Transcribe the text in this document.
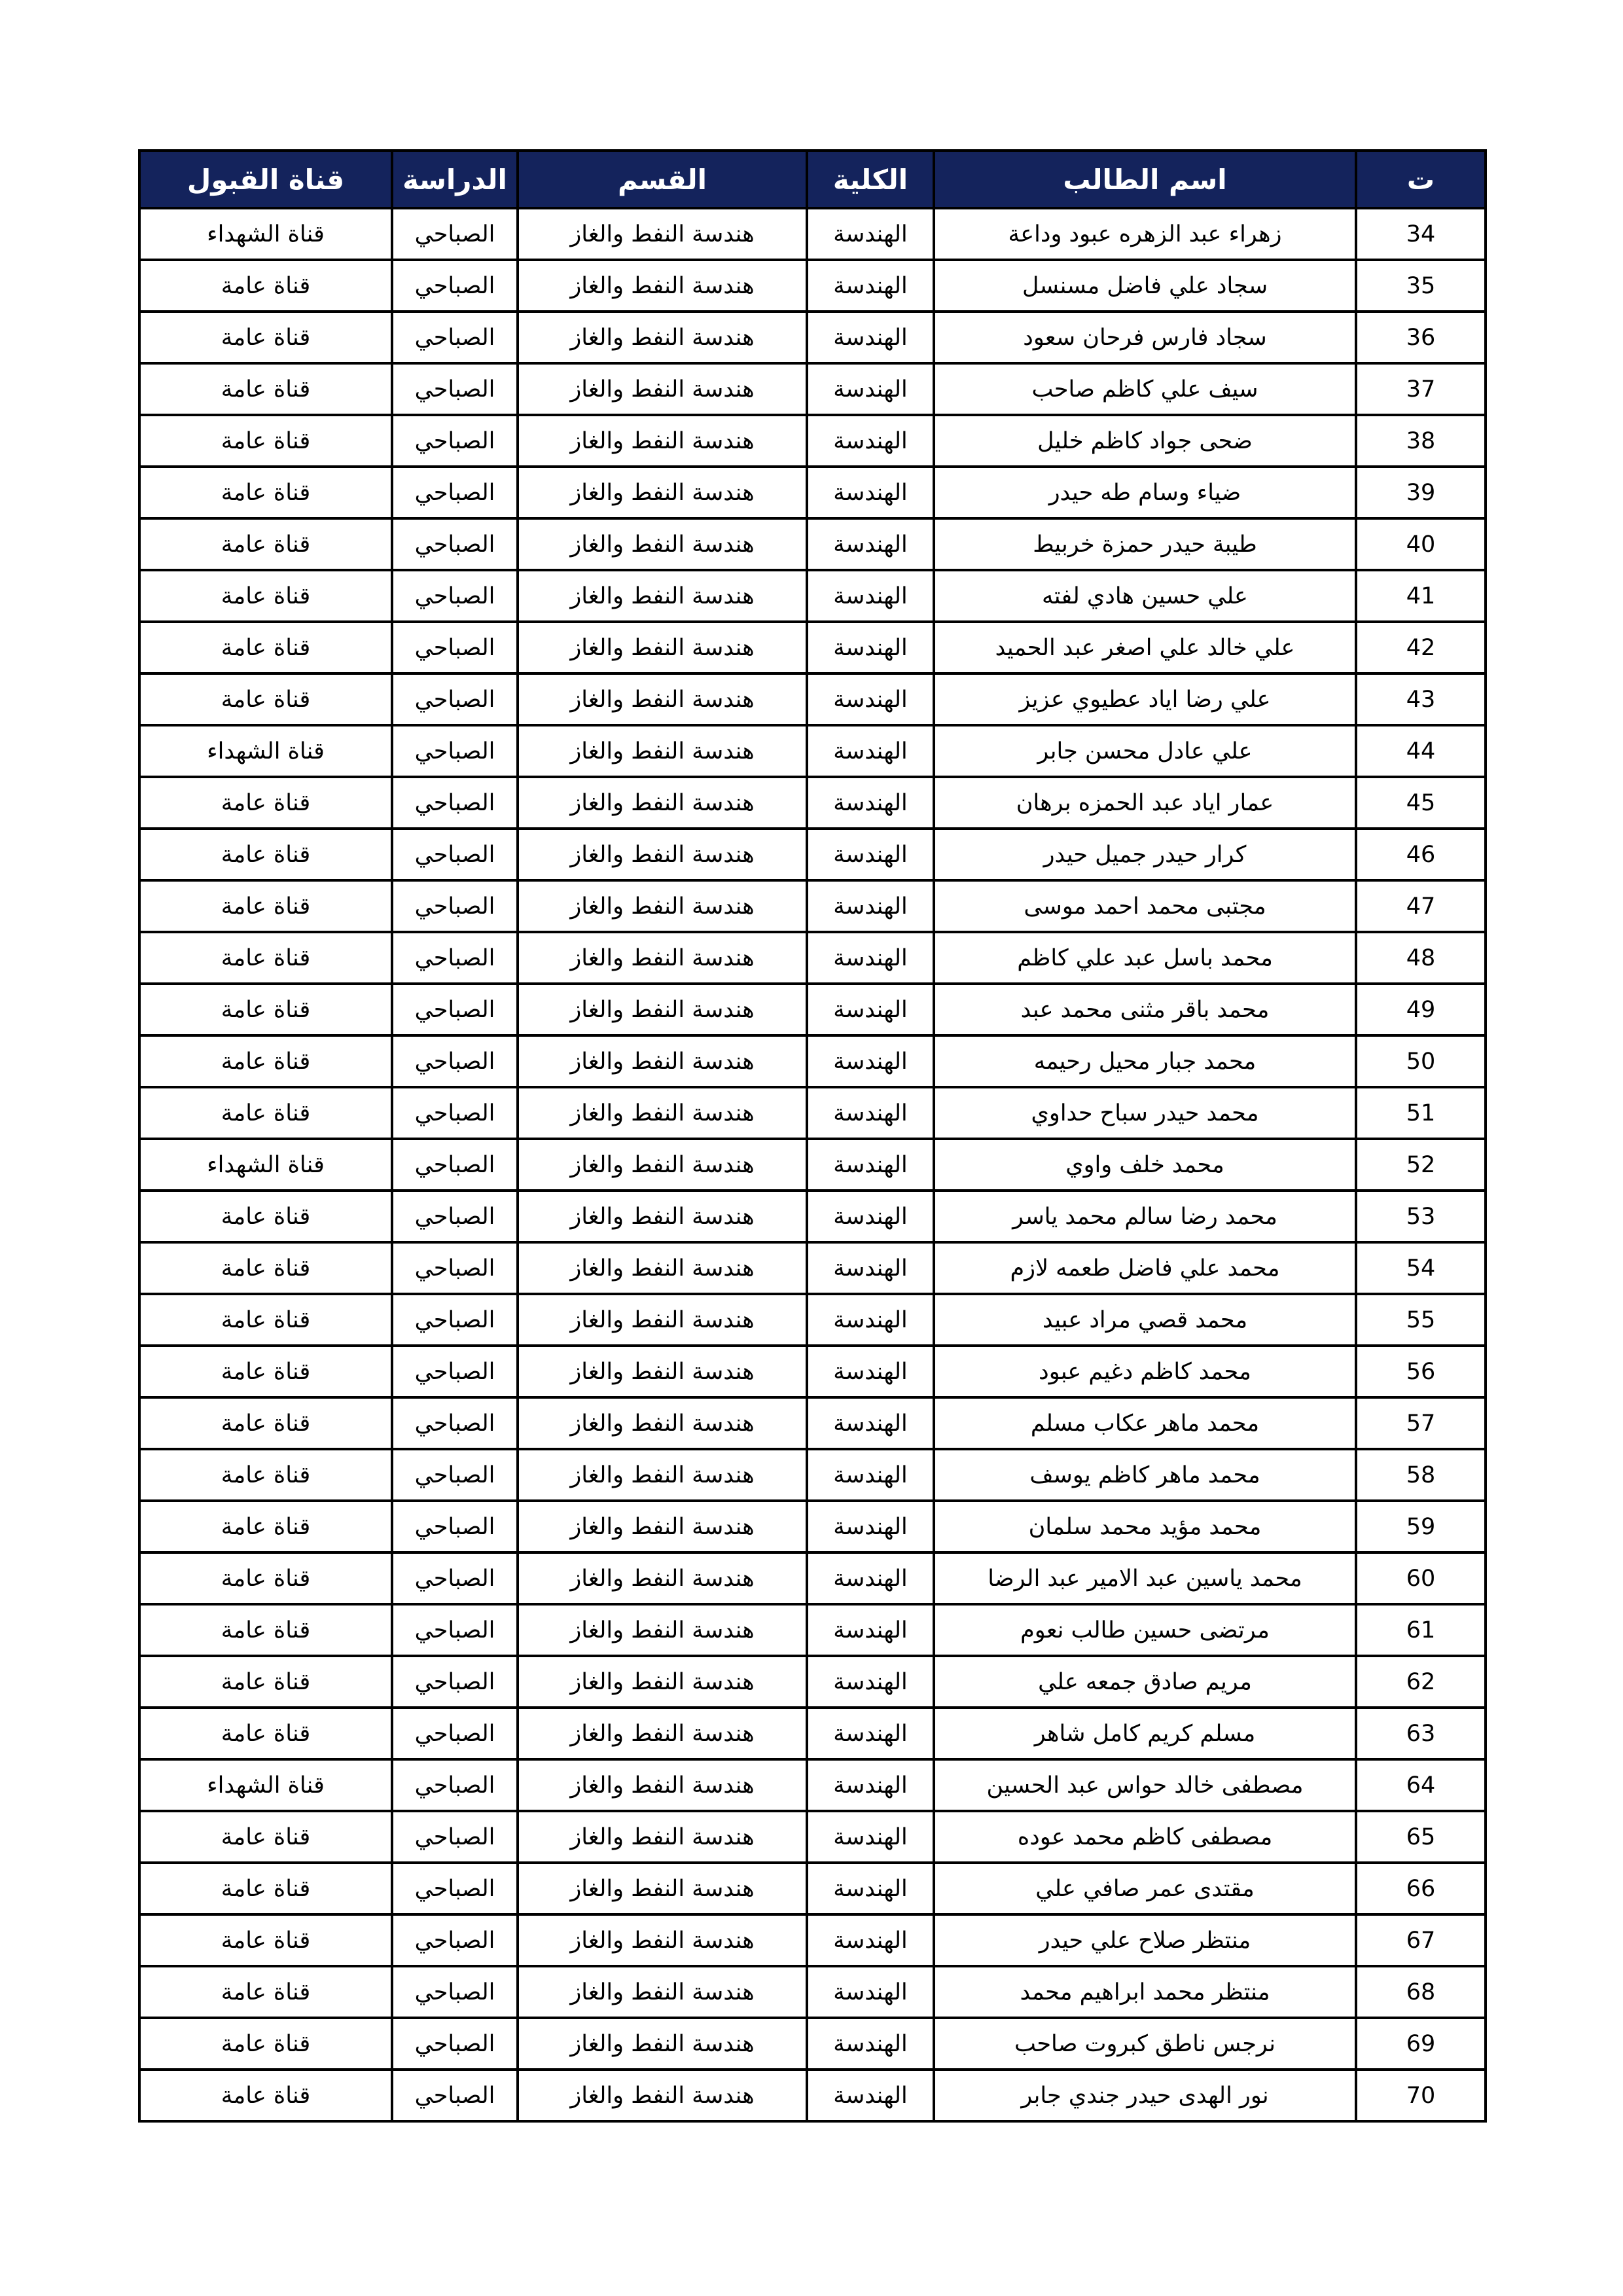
ت	اسم الطالب	الكلية	القسم	الدراسة	قناة القبول
34	زهراء عبد الزهره عبود وداعة	الهندسة	هندسة النفط والغاز	الصباحي	قناة الشهداء
35	سجاد علي فاضل مسنسل	الهندسة	هندسة النفط والغاز	الصباحي	قناة عامة
36	سجاد فارس فرحان سعود	الهندسة	هندسة النفط والغاز	الصباحي	قناة عامة
37	سيف علي كاظم صاحب	الهندسة	هندسة النفط والغاز	الصباحي	قناة عامة
38	ضحى جواد كاظم خليل	الهندسة	هندسة النفط والغاز	الصباحي	قناة عامة
39	ضياء وسام طه حيدر	الهندسة	هندسة النفط والغاز	الصباحي	قناة عامة
40	طيبة حيدر حمزة خربيط	الهندسة	هندسة النفط والغاز	الصباحي	قناة عامة
41	علي حسين هادي لفته	الهندسة	هندسة النفط والغاز	الصباحي	قناة عامة
42	علي خالد علي اصغر عبد الحميد	الهندسة	هندسة النفط والغاز	الصباحي	قناة عامة
43	علي رضا اياد عطيوي عزيز	الهندسة	هندسة النفط والغاز	الصباحي	قناة عامة
44	علي عادل محسن جابر	الهندسة	هندسة النفط والغاز	الصباحي	قناة الشهداء
45	عمار اياد عبد الحمزه برهان	الهندسة	هندسة النفط والغاز	الصباحي	قناة عامة
46	كرار حيدر جميل حيدر	الهندسة	هندسة النفط والغاز	الصباحي	قناة عامة
47	مجتبى محمد احمد موسى	الهندسة	هندسة النفط والغاز	الصباحي	قناة عامة
48	محمد باسل عبد علي كاظم	الهندسة	هندسة النفط والغاز	الصباحي	قناة عامة
49	محمد باقر مثنى محمد عبد	الهندسة	هندسة النفط والغاز	الصباحي	قناة عامة
50	محمد جبار محيل رحيمه	الهندسة	هندسة النفط والغاز	الصباحي	قناة عامة
51	محمد حيدر سباح حداوي	الهندسة	هندسة النفط والغاز	الصباحي	قناة عامة
52	محمد خلف واوي	الهندسة	هندسة النفط والغاز	الصباحي	قناة الشهداء
53	محمد رضا سالم محمد ياسر	الهندسة	هندسة النفط والغاز	الصباحي	قناة عامة
54	محمد علي فاضل طعمه لازم	الهندسة	هندسة النفط والغاز	الصباحي	قناة عامة
55	محمد قصي مراد عبيد	الهندسة	هندسة النفط والغاز	الصباحي	قناة عامة
56	محمد كاظم دغيم عبود	الهندسة	هندسة النفط والغاز	الصباحي	قناة عامة
57	محمد ماهر عكاب مسلم	الهندسة	هندسة النفط والغاز	الصباحي	قناة عامة
58	محمد ماهر كاظم يوسف	الهندسة	هندسة النفط والغاز	الصباحي	قناة عامة
59	محمد مؤيد محمد سلمان	الهندسة	هندسة النفط والغاز	الصباحي	قناة عامة
60	محمد ياسين عبد الامير عبد الرضا	الهندسة	هندسة النفط والغاز	الصباحي	قناة عامة
61	مرتضى حسين طالب نعوم	الهندسة	هندسة النفط والغاز	الصباحي	قناة عامة
62	مريم صادق جمعه علي	الهندسة	هندسة النفط والغاز	الصباحي	قناة عامة
63	مسلم كريم كامل شاهر	الهندسة	هندسة النفط والغاز	الصباحي	قناة عامة
64	مصطفى خالد حواس عبد الحسين	الهندسة	هندسة النفط والغاز	الصباحي	قناة الشهداء
65	مصطفى كاظم محمد عوده	الهندسة	هندسة النفط والغاز	الصباحي	قناة عامة
66	مقتدى عمر صافي علي	الهندسة	هندسة النفط والغاز	الصباحي	قناة عامة
67	منتظر صلاح علي حيدر	الهندسة	هندسة النفط والغاز	الصباحي	قناة عامة
68	منتظر محمد ابراهيم محمد	الهندسة	هندسة النفط والغاز	الصباحي	قناة عامة
69	نرجس ناطق كبروت صاحب	الهندسة	هندسة النفط والغاز	الصباحي	قناة عامة
70	نور الهدى حيدر جندي جابر	الهندسة	هندسة النفط والغاز	الصباحي	قناة عامة
